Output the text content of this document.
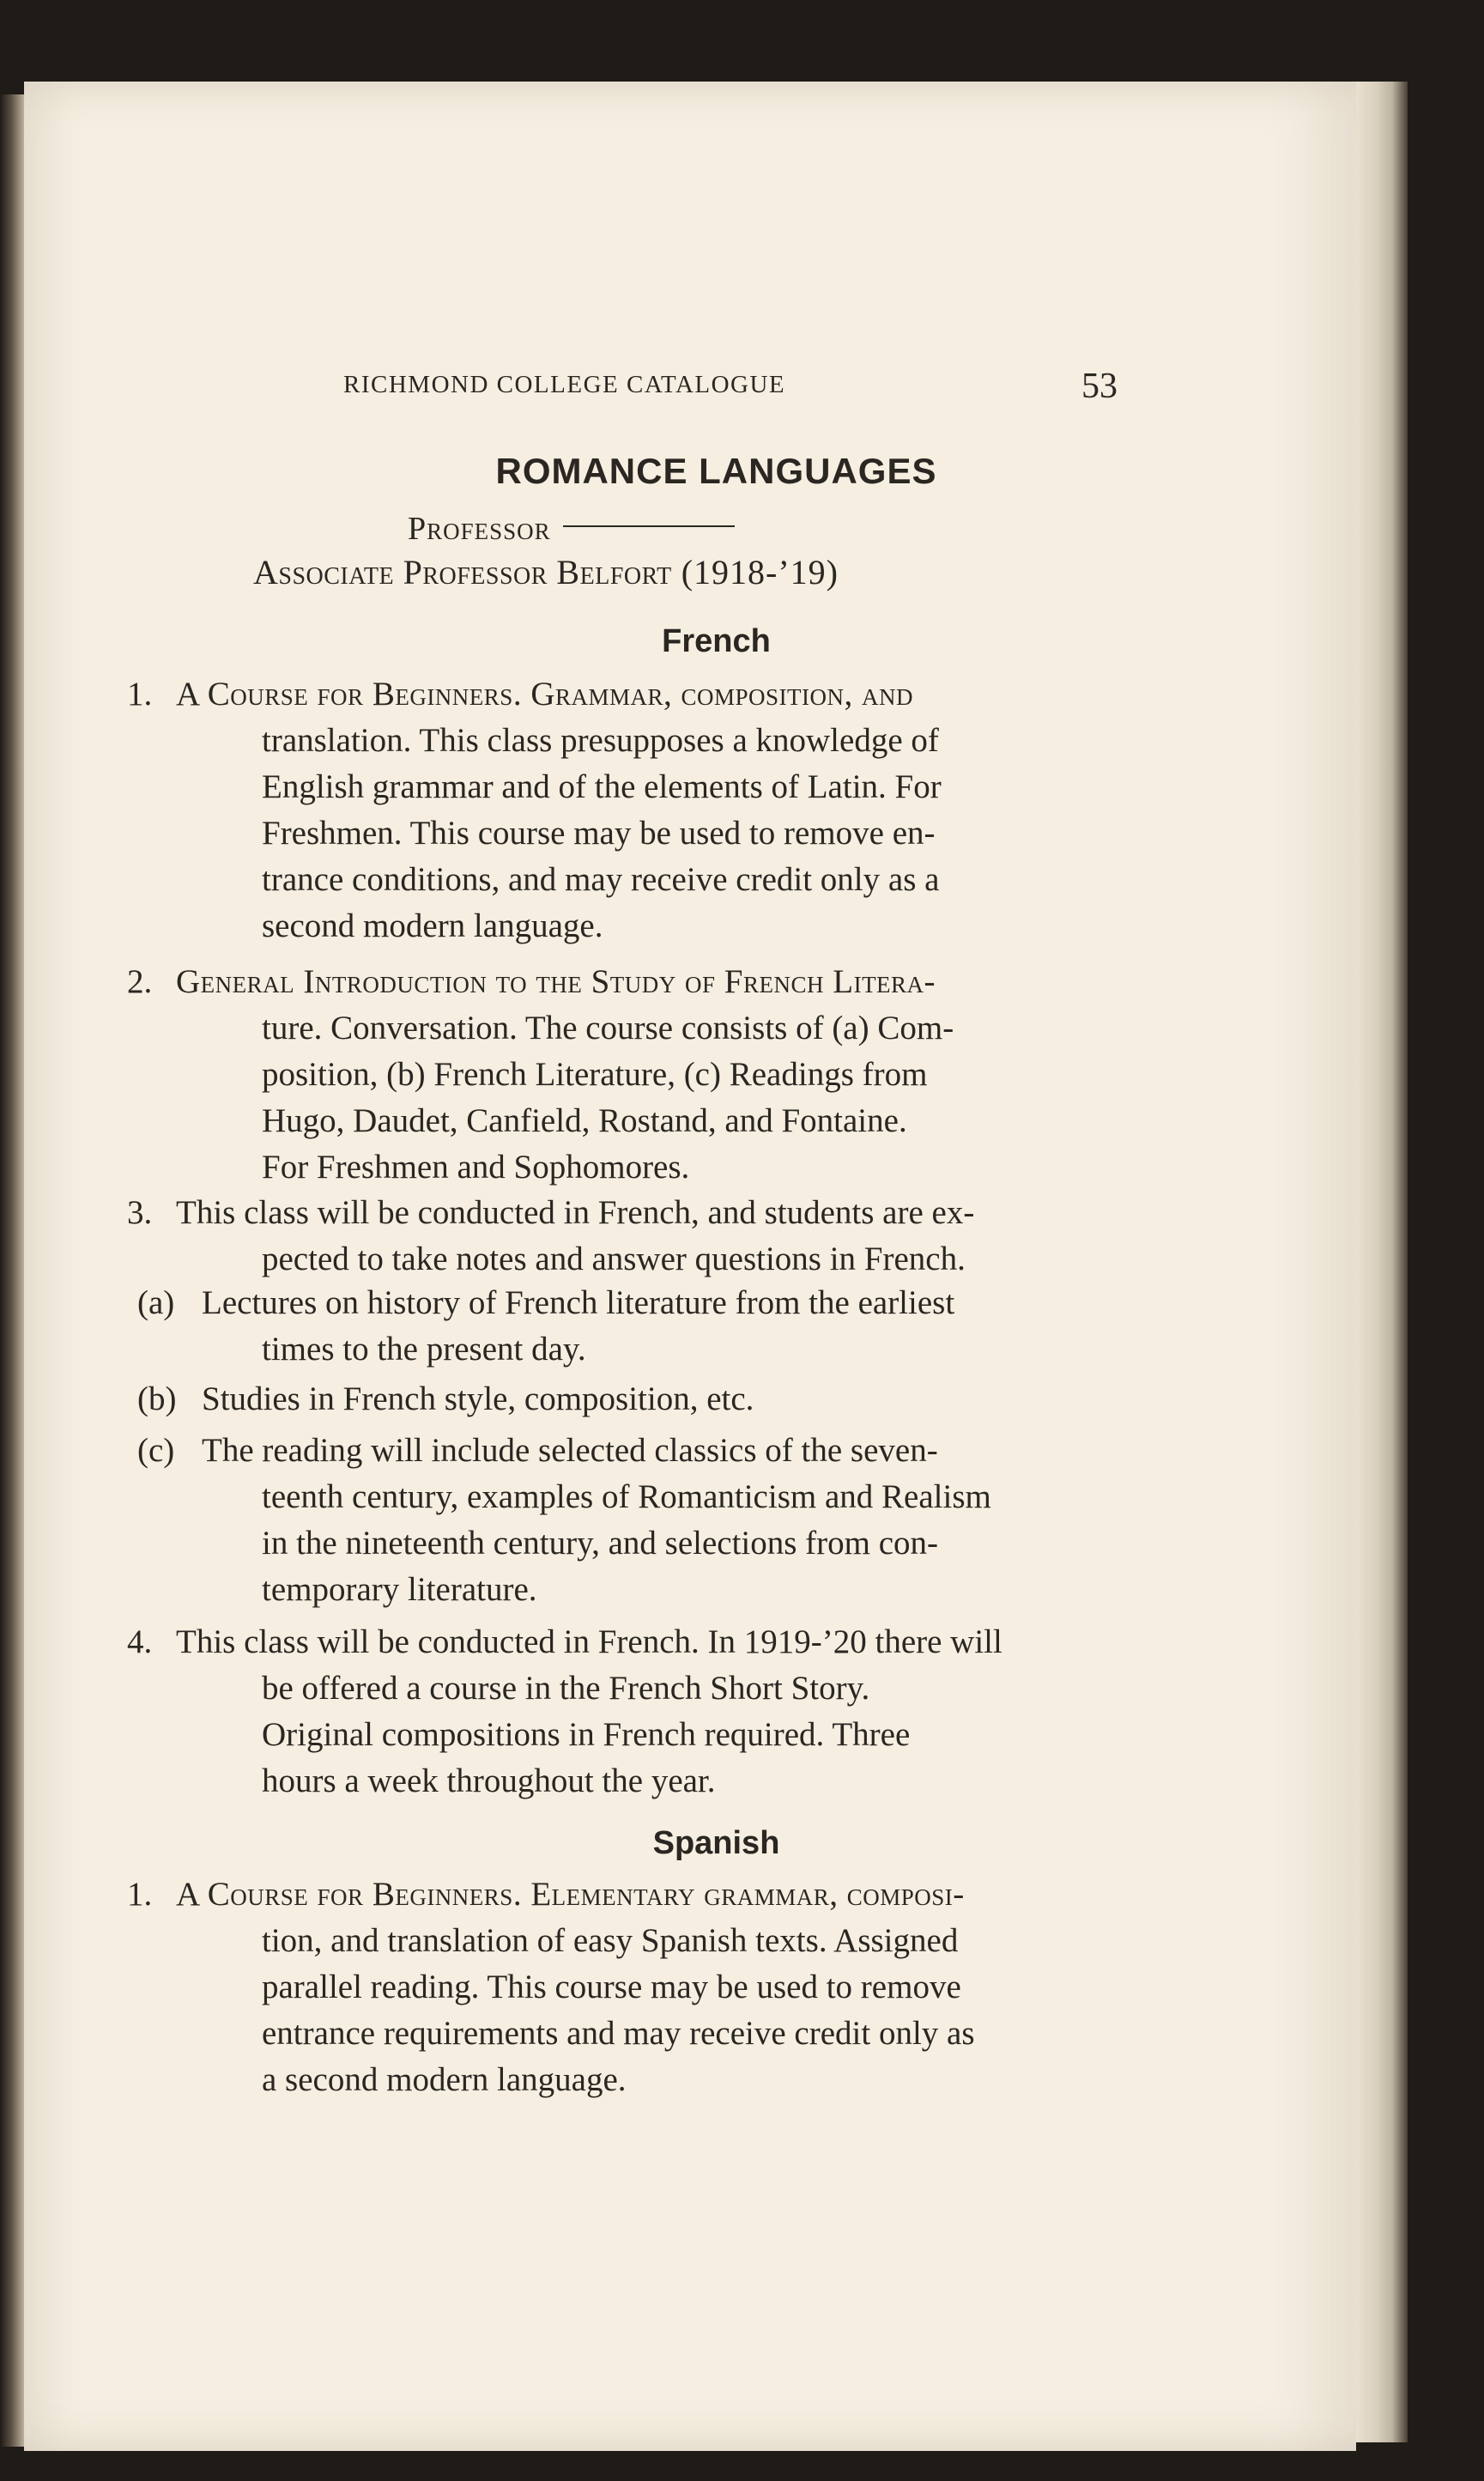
RICHMOND COLLEGE CATALOGUE	53
ROMANCE LANGUAGES
Professor
Associate Professor Belfort (1918-’19)
French
1. A Course for Beginners. Grammar, composition, and
translation. This class presupposes a knowledge of
English grammar and of the elements of Latin. For
Freshmen. This course may be used to remove en-
trance conditions, and may receive credit only as a
second modern language.
2. General Introduction to the Study of French Litera-
ture. Conversation. The course consists of (a) Com-
position, (b) French Literature, (c) Readings from
Hugo, Daudet, Canfield, Rostand, and Fontaine.
For Freshmen and Sophomores.
3. This class will be conducted in French, and students are ex-
pected to take notes and answer questions in French.
(a) Lectures on history of French literature from the earliest
times to the present day.
(b) Studies in French style, composition, etc.
(c) The reading will include selected classics of the seven-
teenth century, examples of Romanticism and Realism
in the nineteenth century, and selections from con-
temporary literature.
4. This class will be conducted in French. In 1919-’20 there will
be offered a course in the French Short Story.
Original compositions in French required. Three
hours a week throughout the year.
Spanish
1. A Course for Beginners. Elementary grammar, composi-
tion, and translation of easy Spanish texts. Assigned
parallel reading. This course may be used to remove
entrance requirements and may receive credit only as
a second modern language.
